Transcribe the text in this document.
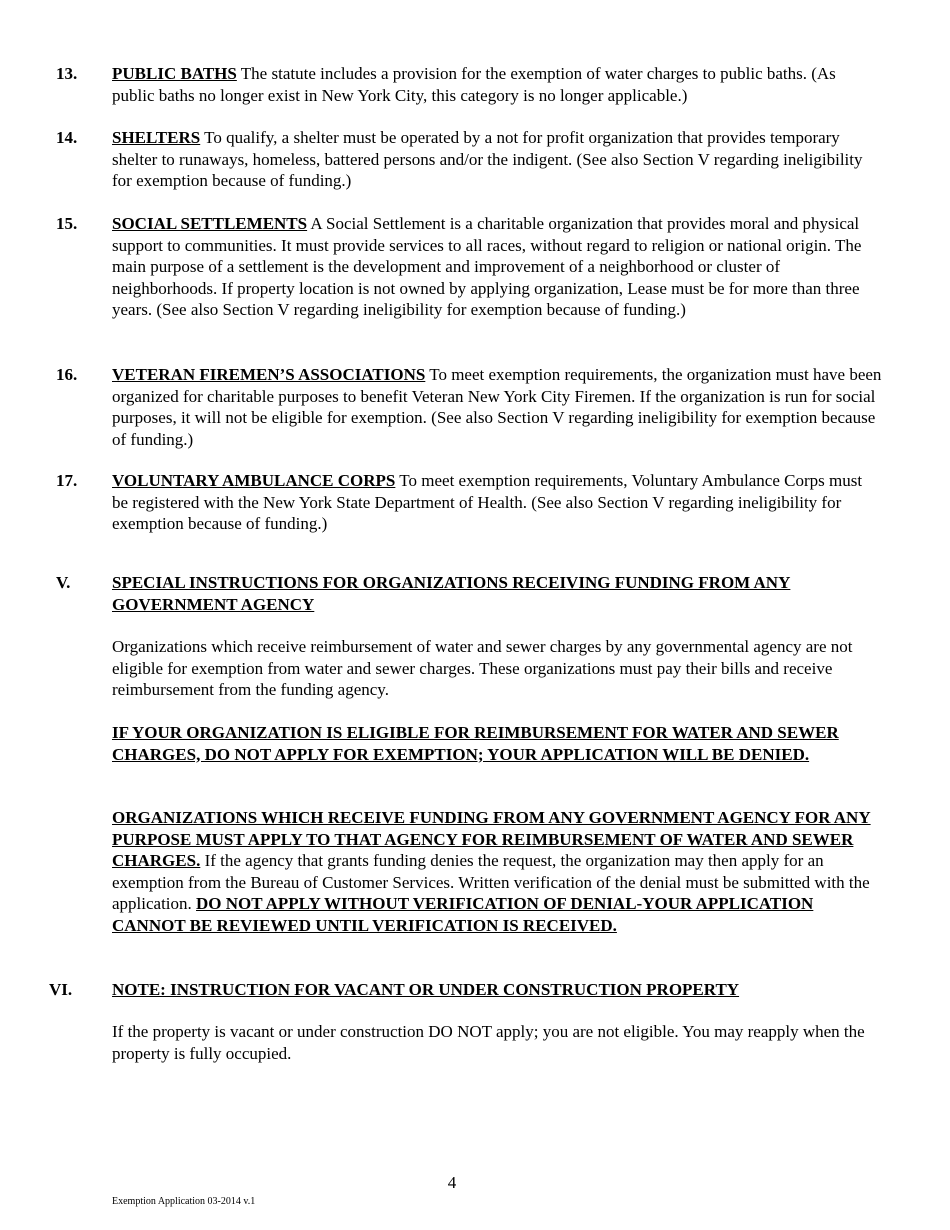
13. PUBLIC BATHS The statute includes a provision for the exemption of water charges to public baths. (As public baths no longer exist in New York City, this category is no longer applicable.)
14. SHELTERS To qualify, a shelter must be operated by a not for profit organization that provides temporary shelter to runaways, homeless, battered persons and/or the indigent. (See also Section V regarding ineligibility for exemption because of funding.)
15. SOCIAL SETTLEMENTS A Social Settlement is a charitable organization that provides moral and physical support to communities. It must provide services to all races, without regard to religion or national origin. The main purpose of a settlement is the development and improvement of a neighborhood or cluster of neighborhoods. If property location is not owned by applying organization, Lease must be for more than three years. (See also Section V regarding ineligibility for exemption because of funding.)
16. VETERAN FIREMEN’S ASSOCIATIONS To meet exemption requirements, the organization must have been organized for charitable purposes to benefit Veteran New York City Firemen. If the organization is run for social purposes, it will not be eligible for exemption. (See also Section V regarding ineligibility for exemption because of funding.)
17. VOLUNTARY AMBULANCE CORPS To meet exemption requirements, Voluntary Ambulance Corps must be registered with the New York State Department of Health. (See also Section V regarding ineligibility for exemption because of funding.)
V. SPECIAL INSTRUCTIONS FOR ORGANIZATIONS RECEIVING FUNDING FROM ANY GOVERNMENT AGENCY
Organizations which receive reimbursement of water and sewer charges by any governmental agency are not eligible for exemption from water and sewer charges. These organizations must pay their bills and receive reimbursement from the funding agency.
IF YOUR ORGANIZATION IS ELIGIBLE FOR REIMBURSEMENT FOR WATER AND SEWER CHARGES, DO NOT APPLY FOR EXEMPTION; YOUR APPLICATION WILL BE DENIED.
ORGANIZATIONS WHICH RECEIVE FUNDING FROM ANY GOVERNMENT AGENCY FOR ANY PURPOSE MUST APPLY TO THAT AGENCY FOR REIMBURSEMENT OF WATER AND SEWER CHARGES. If the agency that grants funding denies the request, the organization may then apply for an exemption from the Bureau of Customer Services. Written verification of the denial must be submitted with the application. DO NOT APPLY WITHOUT VERIFICATION OF DENIAL-YOUR APPLICATION CANNOT BE REVIEWED UNTIL VERIFICATION IS RECEIVED.
VI. NOTE: INSTRUCTION FOR VACANT OR UNDER CONSTRUCTION PROPERTY
If the property is vacant or under construction DO NOT apply; you are not eligible. You may reapply when the property is fully occupied.
4
Exemption Application 03-2014 v.1
